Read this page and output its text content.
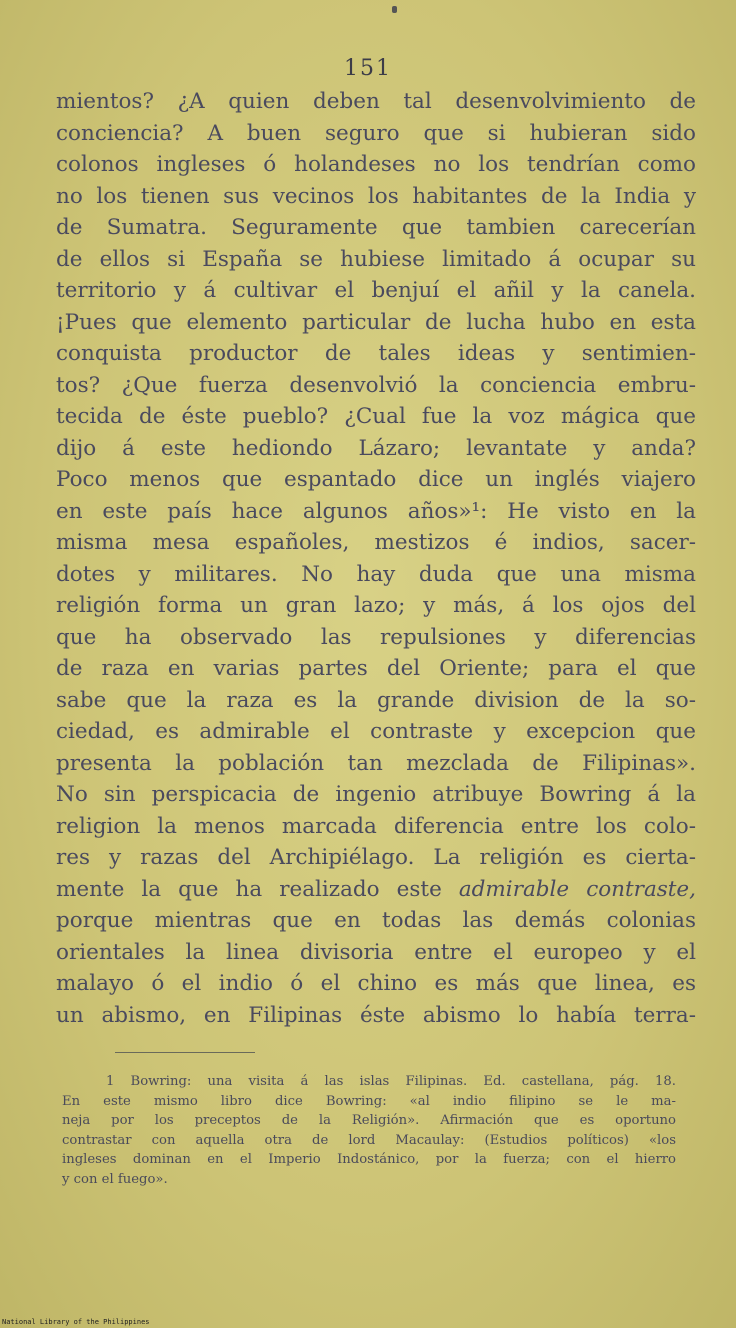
151
mientos? ¿A quien deben tal desenvolvimiento de
conciencia? A buen seguro que si hubieran sido
colonos ingleses ó holandeses no los tendrían como
no los tienen sus vecinos los habitantes de la India y
de Sumatra. Seguramente que tambien carecerían
de ellos si España se hubiese limitado á ocupar su
territorio y á cultivar el benjuí el añil y la canela.
¡Pues que elemento particular de lucha hubo en esta
conquista productor de tales ideas y sentimien-
tos? ¿Que fuerza desenvolvió la conciencia embru-
tecida de éste pueblo? ¿Cual fue la voz mágica que
dijo á este hediondo Lázaro; levantate y anda?
Poco menos que espantado dice un inglés viajero
en este país hace algunos años»¹: He visto en la
misma mesa españoles, mestizos é indios, sacer-
dotes y militares. No hay duda que una misma
religión forma un gran lazo; y más, á los ojos del
que ha observado las repulsiones y diferencias
de raza en varias partes del Oriente; para el que
sabe que la raza es la grande division de la so-
ciedad, es admirable el contraste y excepcion que
presenta la población tan mezclada de Filipinas».
No sin perspicacia de ingenio atribuye Bowring á la
religion la menos marcada diferencia entre los colo-
res y razas del Archipiélago. La religión es cierta-
mente la que ha realizado este admirable contraste,
porque mientras que en todas las demás colonias
orientales la linea divisoria entre el europeo y el
malayo ó el indio ó el chino es más que linea, es
un abismo, en Filipinas éste abismo lo había terra-
1 Bowring: una visita á las islas Filipinas. Ed. castellana, pág. 18.
En este mismo libro dice Bowring: «al indio filipino se le ma-
neja por los preceptos de la Religión». Afirmación que es oportuno
contrastar con aquella otra de lord Macaulay: (Estudios políticos) «los
ingleses dominan en el Imperio Indostánico, por la fuerza; con el hierro
y con el fuego».
National Library of the Philippines
